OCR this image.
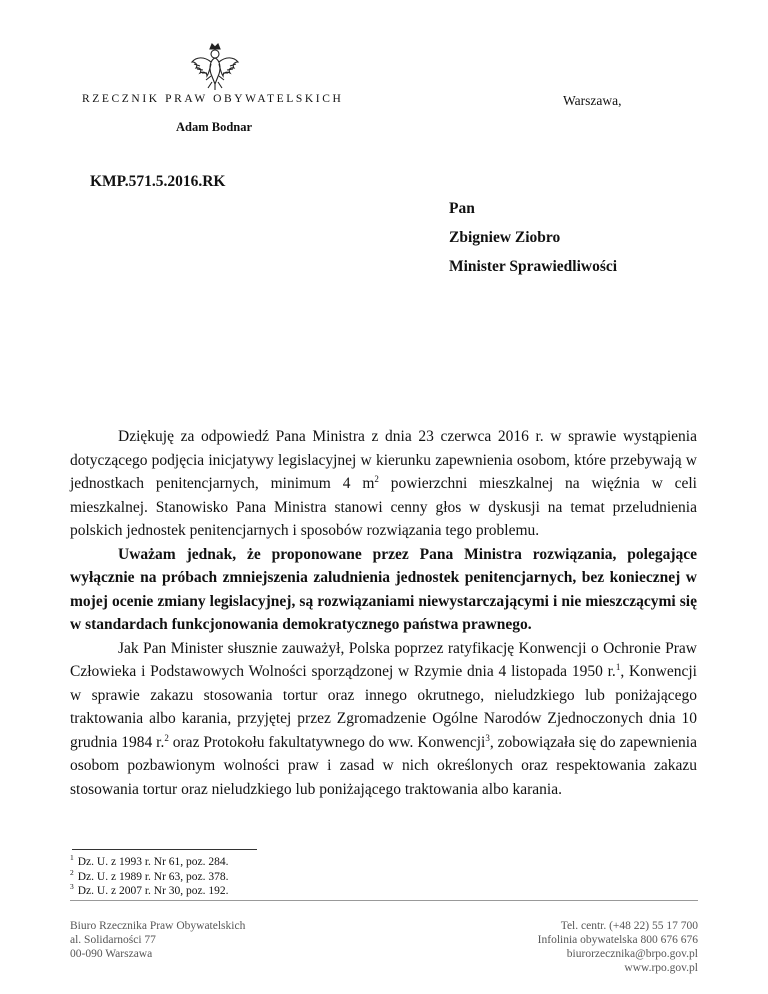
RZECZNIK PRAW OBYWATELSKICH	Warszawa,
Adam Bodnar
KMP.571.5.2016.RK
Pan
Zbigniew Ziobro
Minister Sprawiedliwości

Dziękuję za odpowiedź Pana Ministra z dnia 23 czerwca 2016 r. w sprawie wystąpienia dotyczącego podjęcia inicjatywy legislacyjnej w kierunku zapewnienia osobom, które przebywają w jednostkach penitencjarnych, minimum 4 $m^2$ powierzchni mieszkalnej na więźnia w celi mieszkalnej. Stanowisko Pana Ministra stanowi cenny głos w dyskusji na temat przeludnienia polskich jednostek penitencjarnych i sposobów rozwiązania tego problemu.

Uważam jednak, że proponowane przez Pana Ministra rozwiązania, polegające wyłącznie na próbach zmniejszenia zaludnienia jednostek penitencjarnych, bez koniecznej w mojej ocenie zmiany legislacyjnej, są rozwiązaniami niewystarczającymi i nie mieszczącymi się w standardach funkcjonowania demokratycznego państwa prawnego.

Jak Pan Minister słusznie zauważył, Polska poprzez ratyfikację Konwencji o Ochronie Praw Człowieka i Podstawowych Wolności sporządzonej w Rzymie dnia 4 listopada 1950 r.$^1$, Konwencji w sprawie zakazu stosowania tortur oraz innego okrutnego, nieludzkiego lub poniżającego traktowania albo karania, przyjętej przez Zgromadzenie Ogólne Narodów Zjednoczonych dnia 10 grudnia 1984 r.$^2$ oraz Protokołu fakultatywnego do ww. Konwencji$^3$, zobowiązała się do zapewnienia osobom pozbawionym wolności praw i zasad w nich określonych oraz respektowania zakazu stosowania tortur oraz nieludzkiego lub poniżającego traktowania albo karania.

$^1$ Dz. U. z 1993 r. Nr 61, poz. 284.
$^2$ Dz. U. z 1989 r. Nr 63, poz. 378.
$^3$ Dz. U. z 2007 r. Nr 30, poz. 192.
Biuro Rzecznika Praw Obywatelskich
al. Solidarności 77
00-090 Warszawa
Tel. centr. (+48 22) 55 17 700
Infolinia obywatelska 800 676 676
biurorzecznika@brpo.gov.pl
www.rpo.gov.pl
